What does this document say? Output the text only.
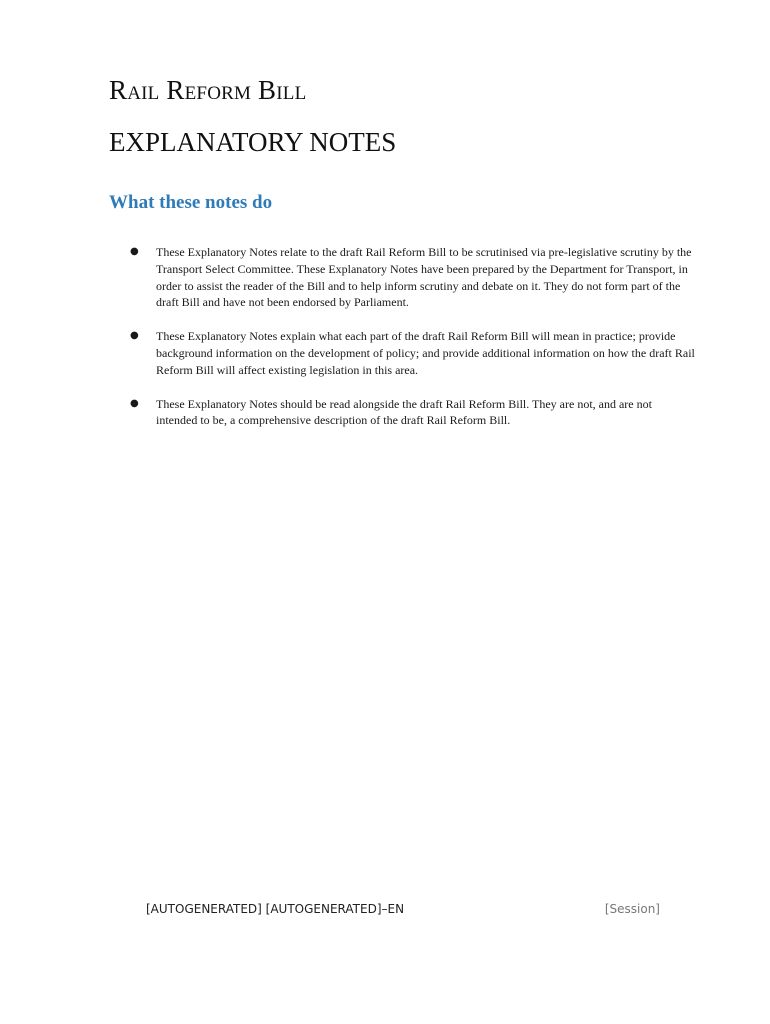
Rail Reform Bill
EXPLANATORY NOTES
What these notes do
● These Explanatory Notes relate to the draft Rail Reform Bill to be scrutinised via pre-legislative scrutiny by the Transport Select Committee. These Explanatory Notes have been prepared by the Department for Transport, in order to assist the reader of the Bill and to help inform scrutiny and debate on it. They do not form part of the draft Bill and have not been endorsed by Parliament.
● These Explanatory Notes explain what each part of the draft Rail Reform Bill will mean in practice; provide background information on the development of policy; and provide additional information on how the draft Rail Reform Bill will affect existing legislation in this area.
● These Explanatory Notes should be read alongside the draft Rail Reform Bill. They are not, and are not intended to be, a comprehensive description of the draft Rail Reform Bill.
[AUTOGENERATED] [AUTOGENERATED]–EN	[Session]
